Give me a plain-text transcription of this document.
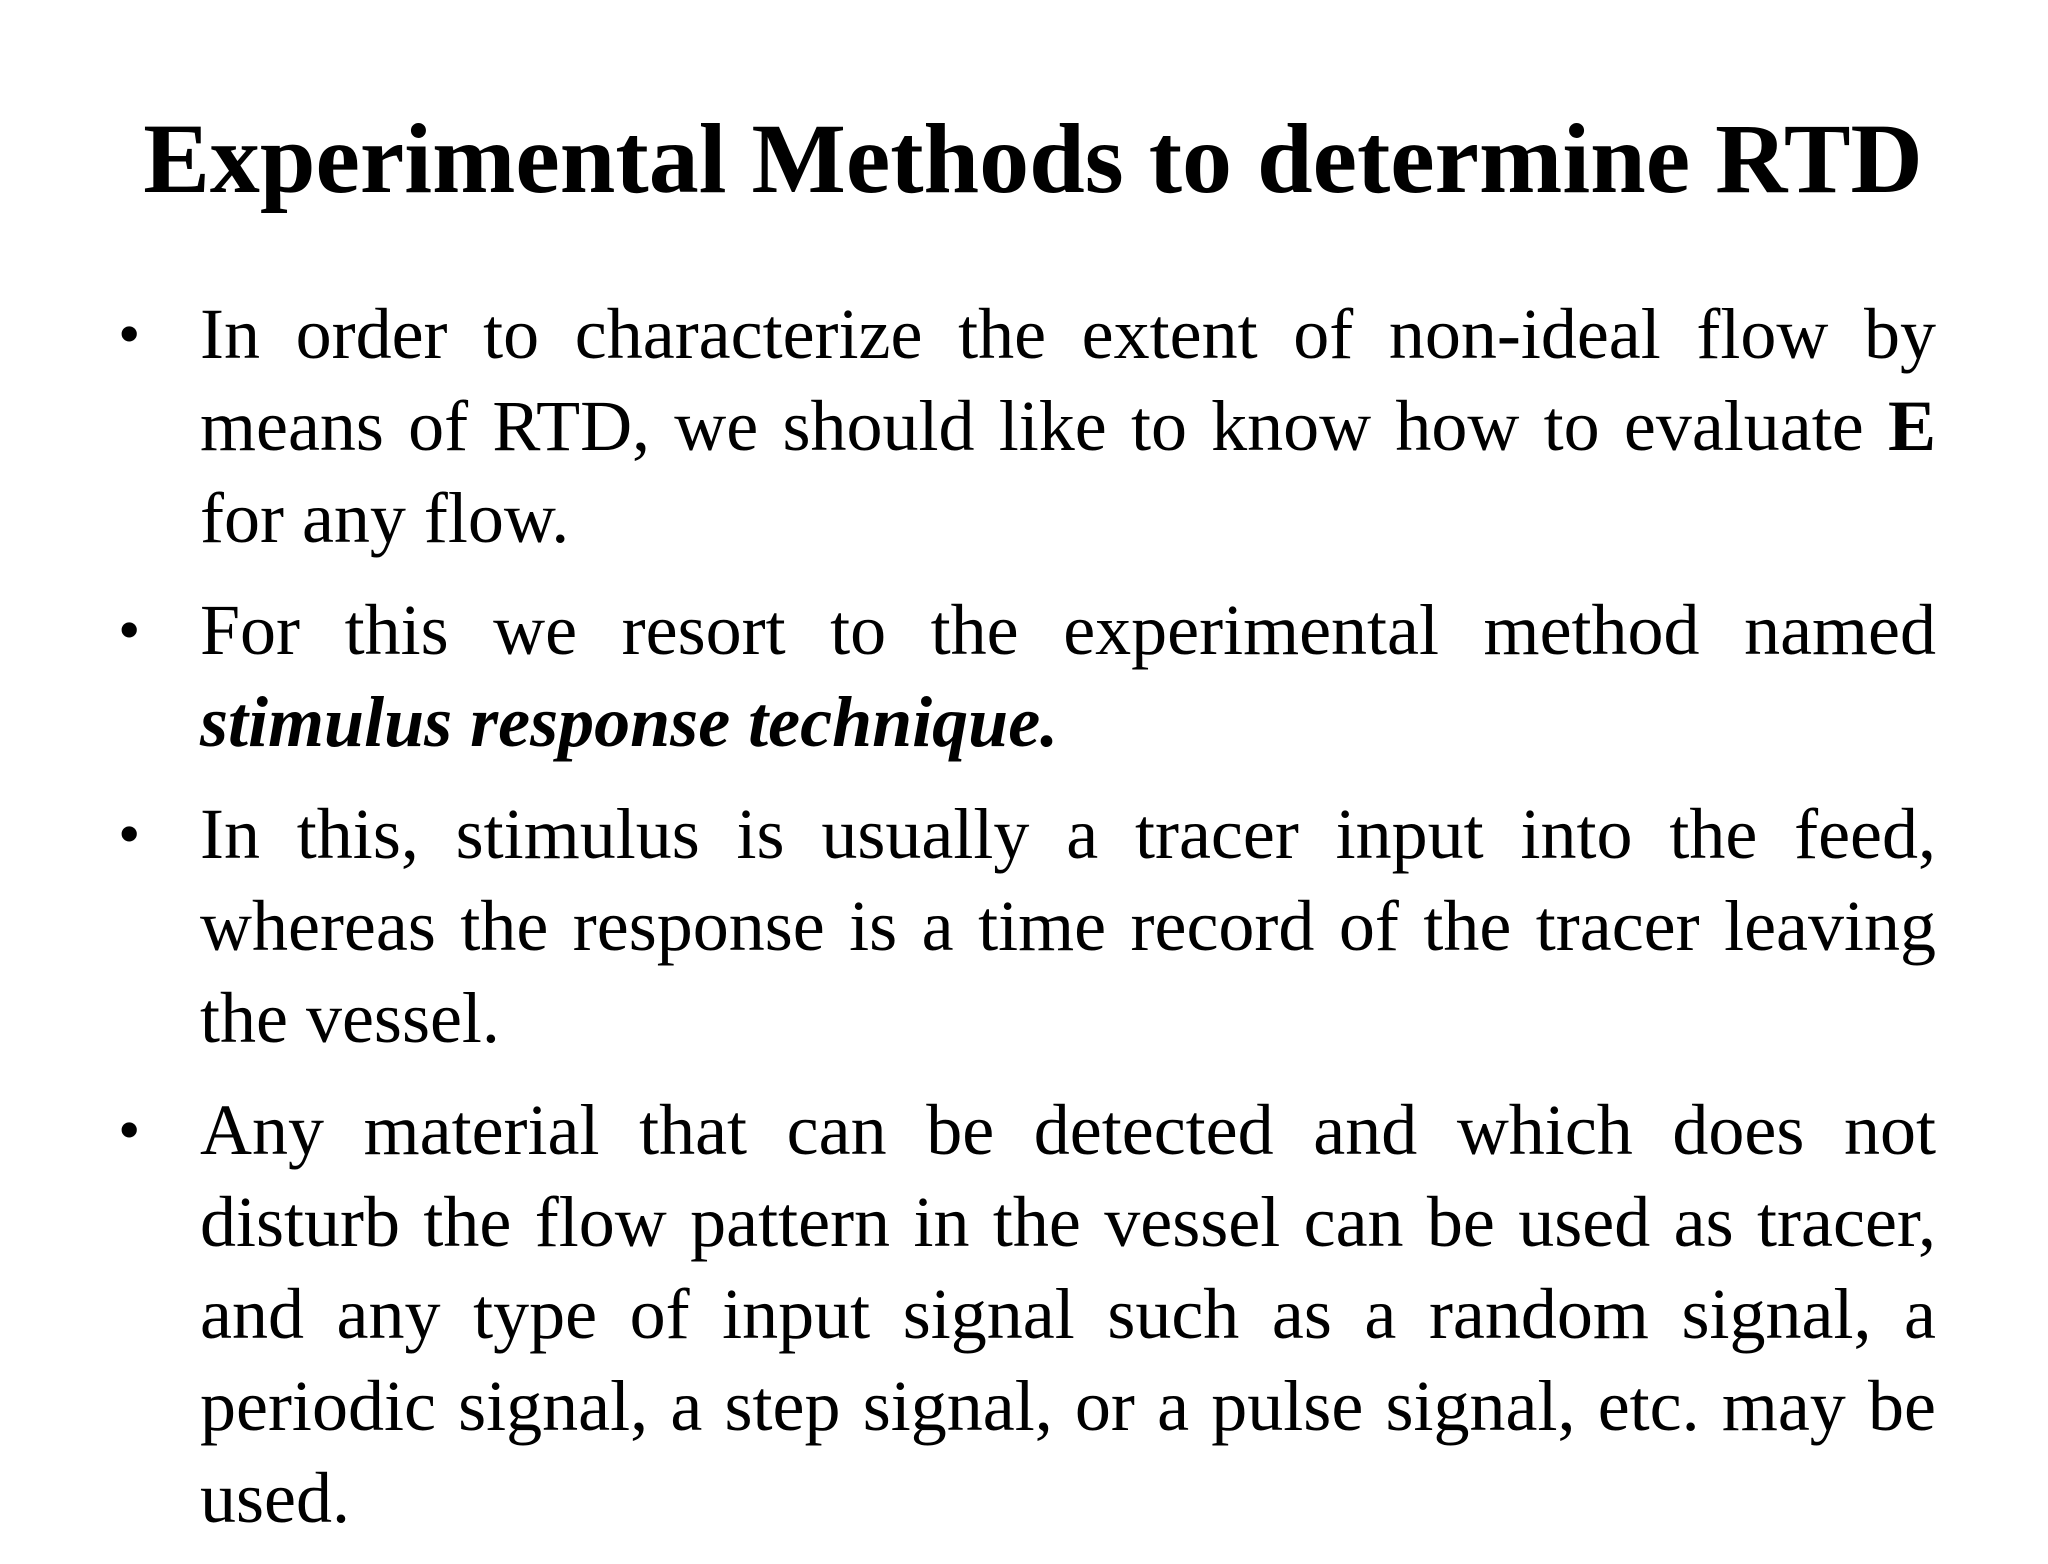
Experimental Methods to determine RTD
• In order to characterize the extent of non-ideal flow by means of RTD, we should like to know how to evaluate E for any flow.
• For this we resort to the experimental method named stimulus response technique.
• In this, stimulus is usually a tracer input into the feed, whereas the response is a time record of the tracer leaving the vessel.
• Any material that can be detected and which does not disturb the flow pattern in the vessel can be used as tracer, and any type of input signal such as a random signal, a periodic signal, a step signal, or a pulse signal, etc. may be used.
